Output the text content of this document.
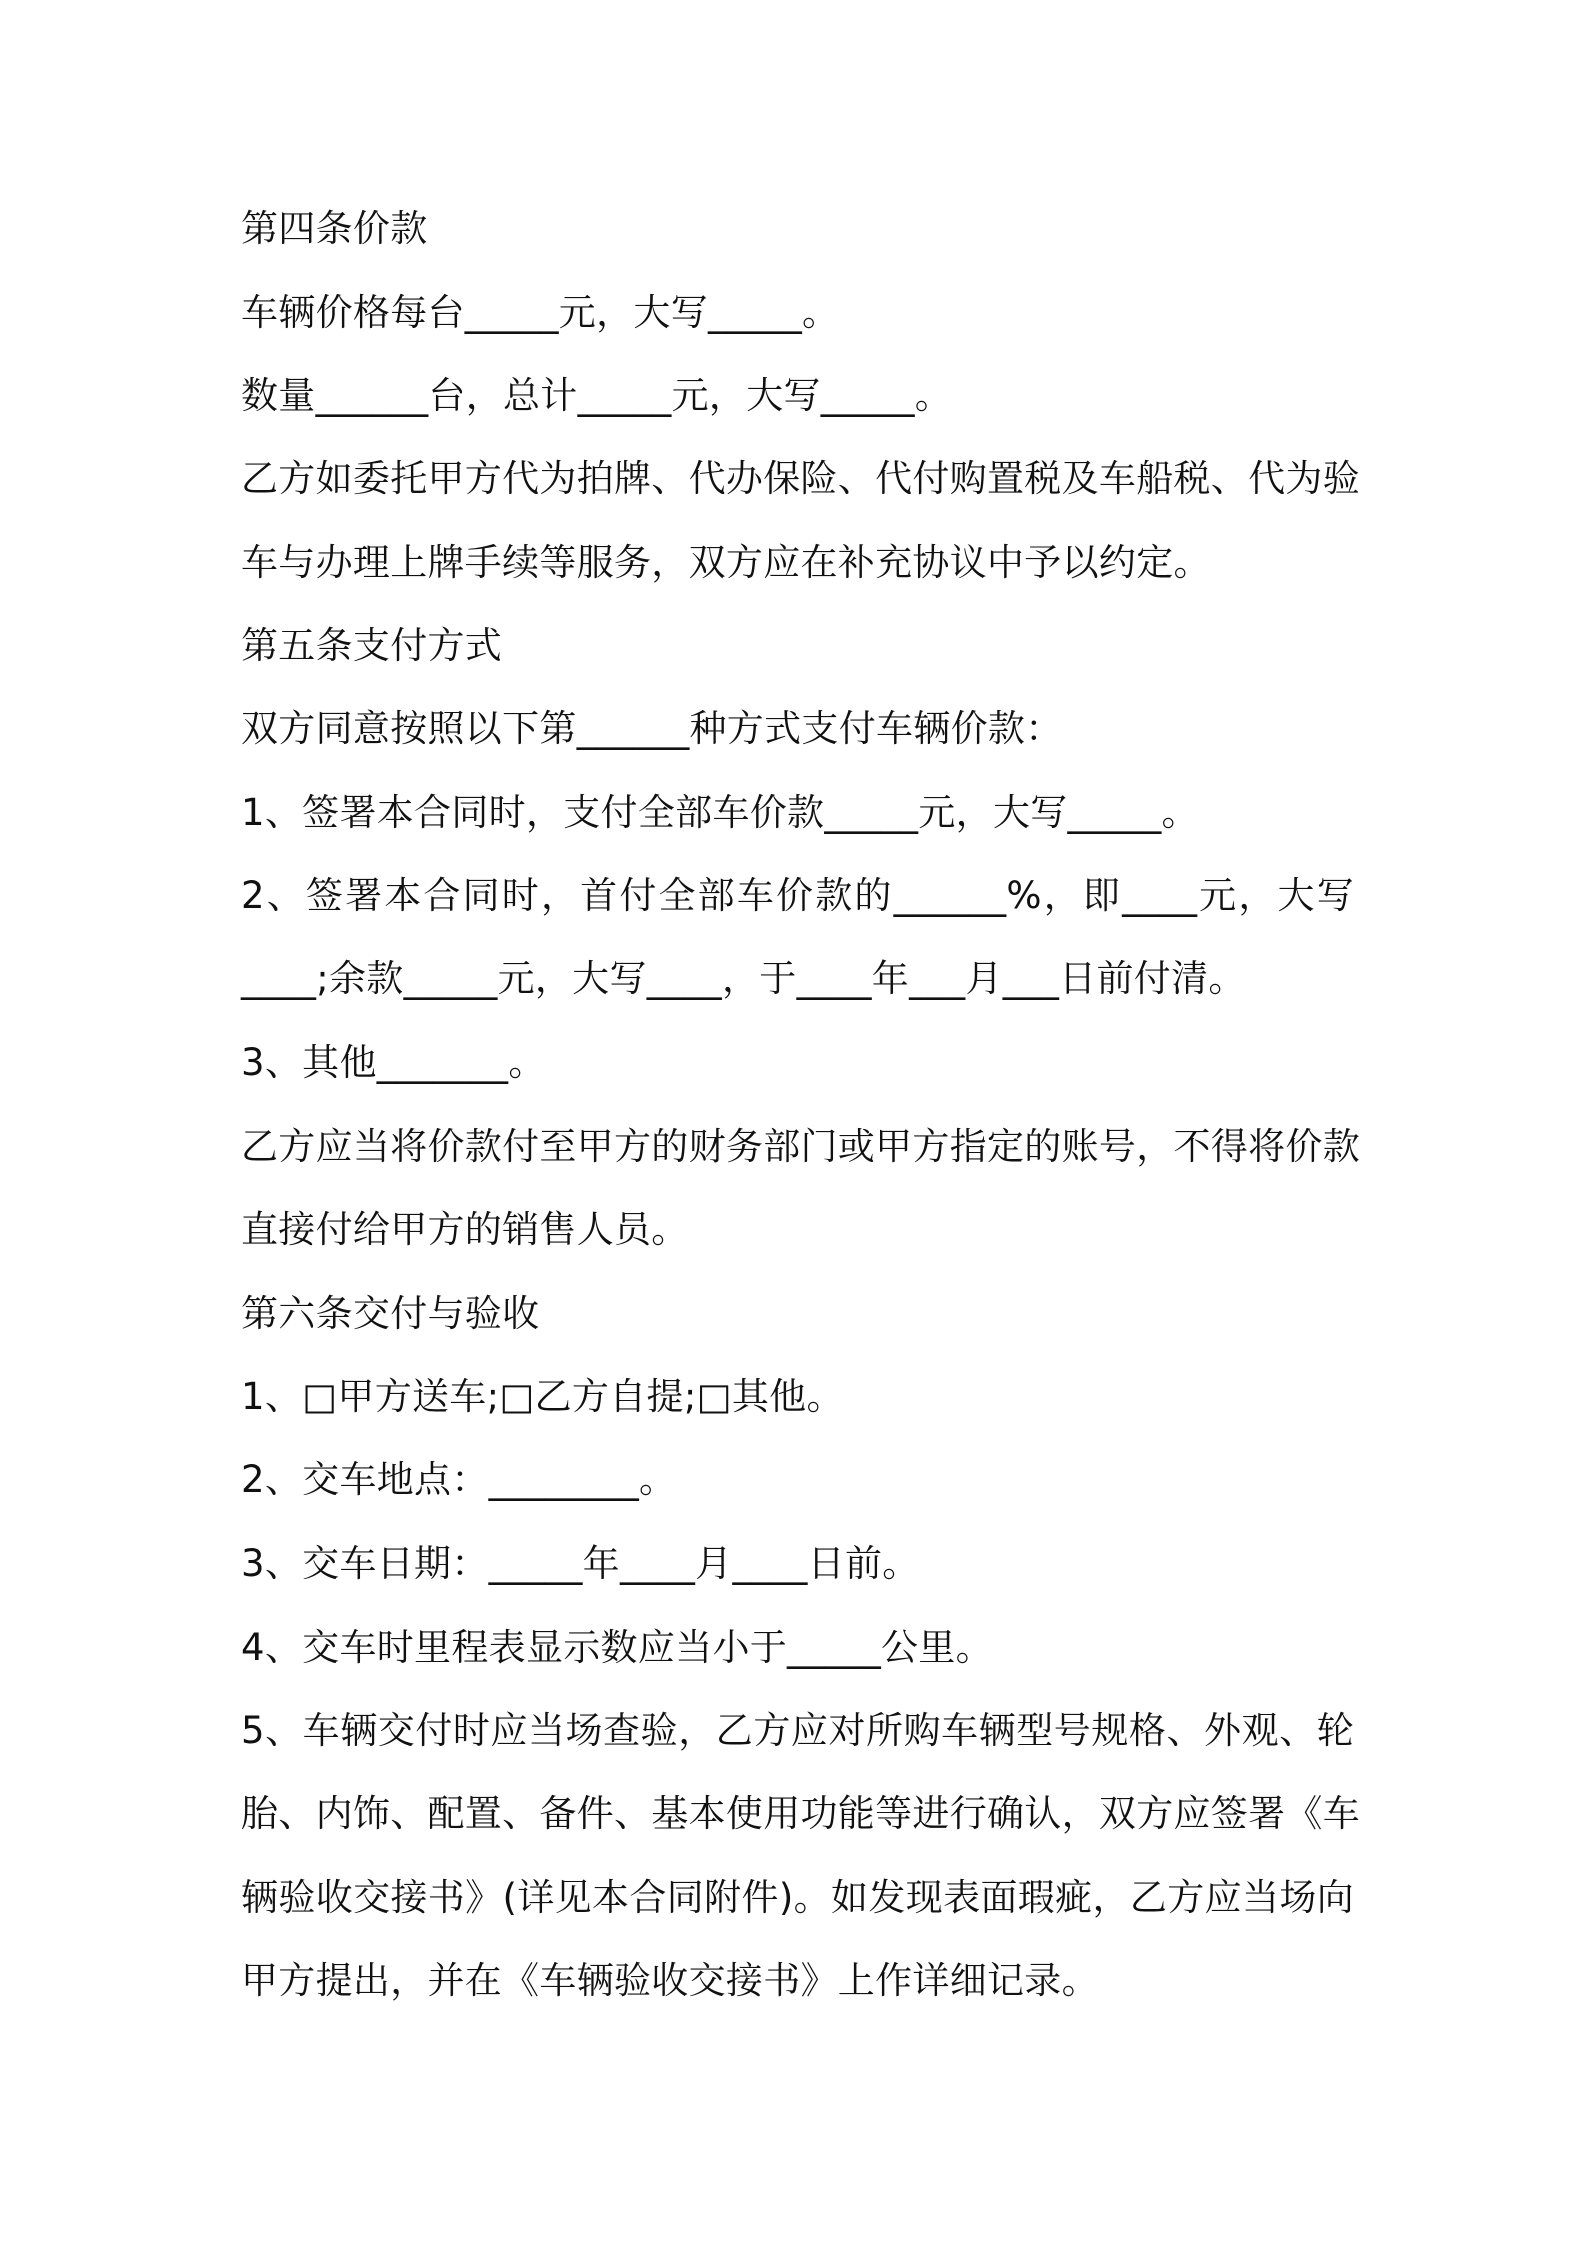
第四条价款
车辆价格每台_____元，大写_____。
数量______台，总计_____元，大写_____。
乙方如委托甲方代为拍牌、代办保险、代付购置税及车船税、代为验
车与办理上牌手续等服务，双方应在补充协议中予以约定。
第五条支付方式
双方同意按照以下第______种方式支付车辆价款：
1、签署本合同时，支付全部车价款_____元，大写_____。
2、签署本合同时，首付全部车价款的______%，即____元，大写
____;余款_____元，大写____，于____年___月___日前付清。
3、其他_______。
乙方应当将价款付至甲方的财务部门或甲方指定的账号，不得将价款
直接付给甲方的销售人员。
第六条交付与验收
1、□甲方送车;□乙方自提;□其他。
2、交车地点：________。
3、交车日期：_____年____月____日前。
4、交车时里程表显示数应当小于_____公里。
5、车辆交付时应当场查验，乙方应对所购车辆型号规格、外观、轮
胎、内饰、配置、备件、基本使用功能等进行确认，双方应签署《车
辆验收交接书》(详见本合同附件)。如发现表面瑕疵，乙方应当场向
甲方提出，并在《车辆验收交接书》上作详细记录。
